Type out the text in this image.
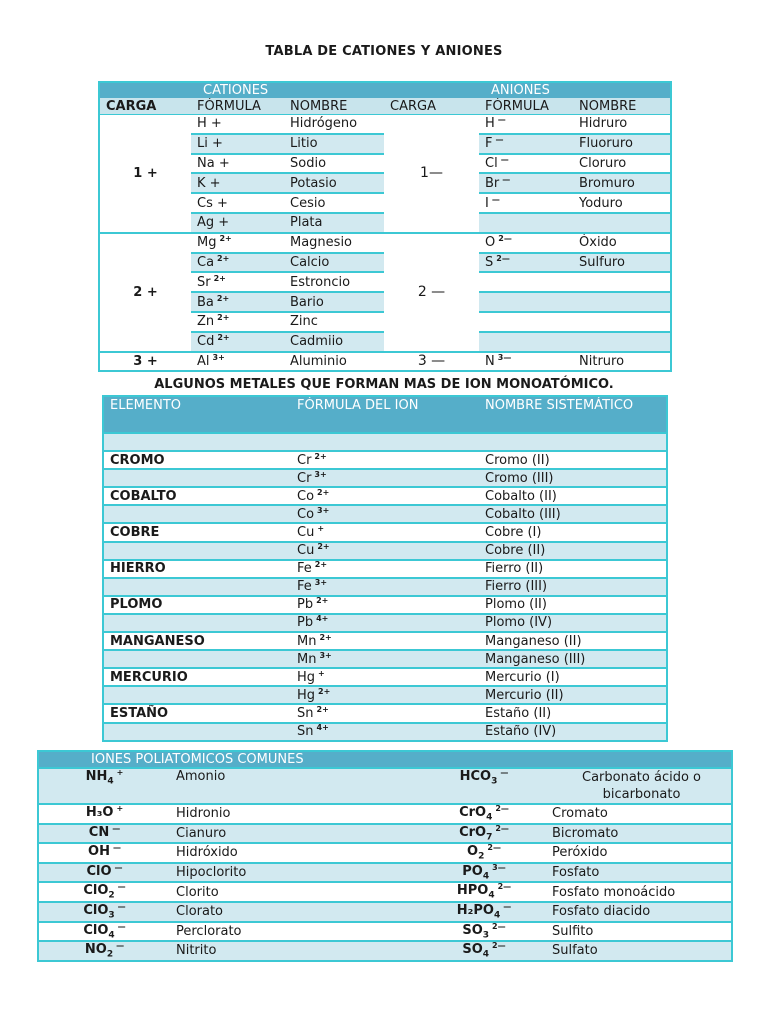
TABLA DE CATIONES Y ANIONES
	CATIONES			ANIONES	
CARGA	FÓRMULA	NOMBRE	CARGA	FÓRMULA	NOMBRE
1 +	H +	Hidrógeno	1—	H —	Hidruro
	Li +	Litio		F —	Fluoruro
	Na +	Sodio		Cl —	Cloruro
	K +	Potasio		Br —	Bromuro
	Cs +	Cesio		I —	Yoduro
	Ag +	Plata			
2 +	Mg $^{2+}$	Magnesio	2 —	O $^{2—}$	Óxido
	Ca $^{2+}$	Calcio		S $^{2—}$	Sulfuro
	Sr $^{2+}$	Estroncio			
	Ba $^{2+}$	Bario			
	Zn $^{2+}$	Zinc			
	Cd $^{2+}$	Cadmiio			
3 +	Al $^{3+}$	Aluminio	3 —	N $^{3—}$	Nitruro
ALGUNOS METALES QUE FORMAN MAS DE ION MONOATÓMICO.
ELEMENTO	FÓRMULA DEL ION	NOMBRE SISTEMÁTICO

CROMO	Cr $^{2+}$	Cromo (II)
	Cr $^{3+}$	Cromo (III)
COBALTO	Co $^{2+}$	Cobalto (II)
	Co $^{3+}$	Cobalto (III)
COBRE	Cu +	Cobre (I)
	Cu $^{2+}$	Cobre (II)
HIERRO	Fe $^{2+}$	Fierro (II)
	Fe $^{3+}$	Fierro (III)
PLOMO	Pb $^{2+}$	Plomo (II)
	Pb $^{4+}$	Plomo (IV)
MANGANESO	Mn $^{2+}$	Manganeso (II)
	Mn $^{3+}$	Manganeso (III)
MERCURIO	Hg +	Mercurio (I)
	Hg $^{2+}$	Mercurio (II)
ESTAÑO	Sn $^{2+}$	Estaño (II)
	Sn $^{4+}$	Estaño (IV)
IONES POLIATÓMICOS COMUNES			
$NH_4^+$	Amonio	$HCO_3^—$	Carbonato ácido o bicarbonato
H₃O +	Hidronio	CrO$_4^{2—}$	Cromato
CN —	Cianuro	CrO$_7^{2—}$	Bicromato
OH —	Hidróxido	$O_2^{2—}$	Peróxido
ClO —	Hipoclorito	$PO_4^{3—}$	Fosfato
ClO$_2$—	Clorito	$HPO_4^{2—}$	Fosfato monoácido
ClO$_3$—	Clorato	$H_2PO_4^—$	Fosfato diacido
ClO$_4$—	Perclorato	$SO_3^{2—}$	Sulfito
$NO_2^—$	Nitrito	$SO_4^{2—}$	Sulfato
